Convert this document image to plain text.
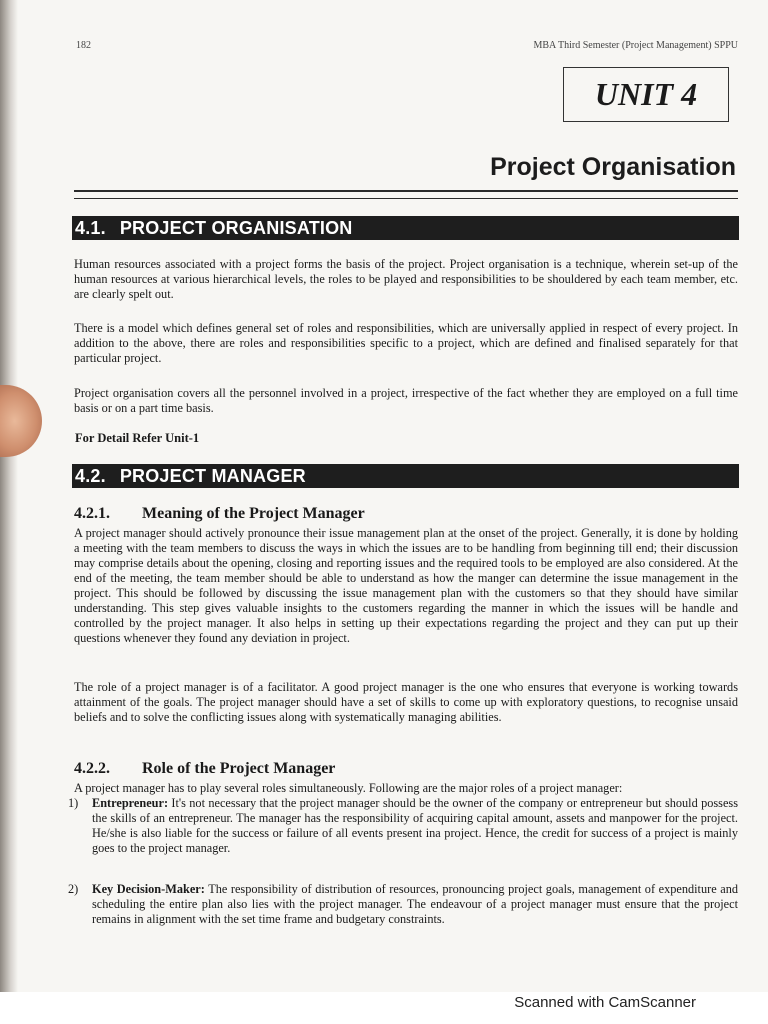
182	MBA Third Semester (Project Management) SPPU
UNIT 4
Project Organisation
4.1. PROJECT ORGANISATION
Human resources associated with a project forms the basis of the project. Project organisation is a technique, wherein set-up of the human resources at various hierarchical levels, the roles to be played and responsibilities to be shouldered by each team member, etc. are clearly spelt out.
There is a model which defines general set of roles and responsibilities, which are universally applied in respect of every project. In addition to the above, there are roles and responsibilities specific to a project, which are defined and finalised separately for that particular project.
Project organisation covers all the personnel involved in a project, irrespective of the fact whether they are employed on a full time basis or on a part time basis.
For Detail Refer Unit-1
4.2. PROJECT MANAGER
4.2.1. Meaning of the Project Manager
A project manager should actively pronounce their issue management plan at the onset of the project. Generally, it is done by holding a meeting with the team members to discuss the ways in which the issues are to be handling from beginning till end; their discussion may comprise details about the opening, closing and reporting issues and the required tools to be employed are also considered. At the end of the meeting, the team member should be able to understand as how the manger can determine the issue management in the project. This should be followed by discussing the issue management plan with the customers so that they should have similar understanding. This step gives valuable insights to the customers regarding the manner in which the issues will be handle and controlled by the project manager. It also helps in setting up their expectations regarding the project and they can put up their questions whenever they found any deviation in project.
The role of a project manager is of a facilitator. A good project manager is the one who ensures that everyone is working towards attainment of the goals. The project manager should have a set of skills to come up with exploratory questions, to recognise unsaid beliefs and to solve the conflicting issues along with systematically managing abilities.
4.2.2. Role of the Project Manager
A project manager has to play several roles simultaneously. Following are the major roles of a project manager:
1)	Entrepreneur: It's not necessary that the project manager should be the owner of the company or entrepreneur but should possess the skills of an entrepreneur. The manager has the responsibility of acquiring capital amount, assets and manpower for the project. He/she is also liable for the success or failure of all events present ina project. Hence, the credit for success of a project is mainly goes to the project manager.
2)	Key Decision-Maker: The responsibility of distribution of resources, pronouncing project goals, management of expenditure and scheduling the entire plan also lies with the project manager. The endeavour of a project manager must ensure that the project remains in alignment with the set time frame and budgetary constraints.
Scanned with CamScanner
